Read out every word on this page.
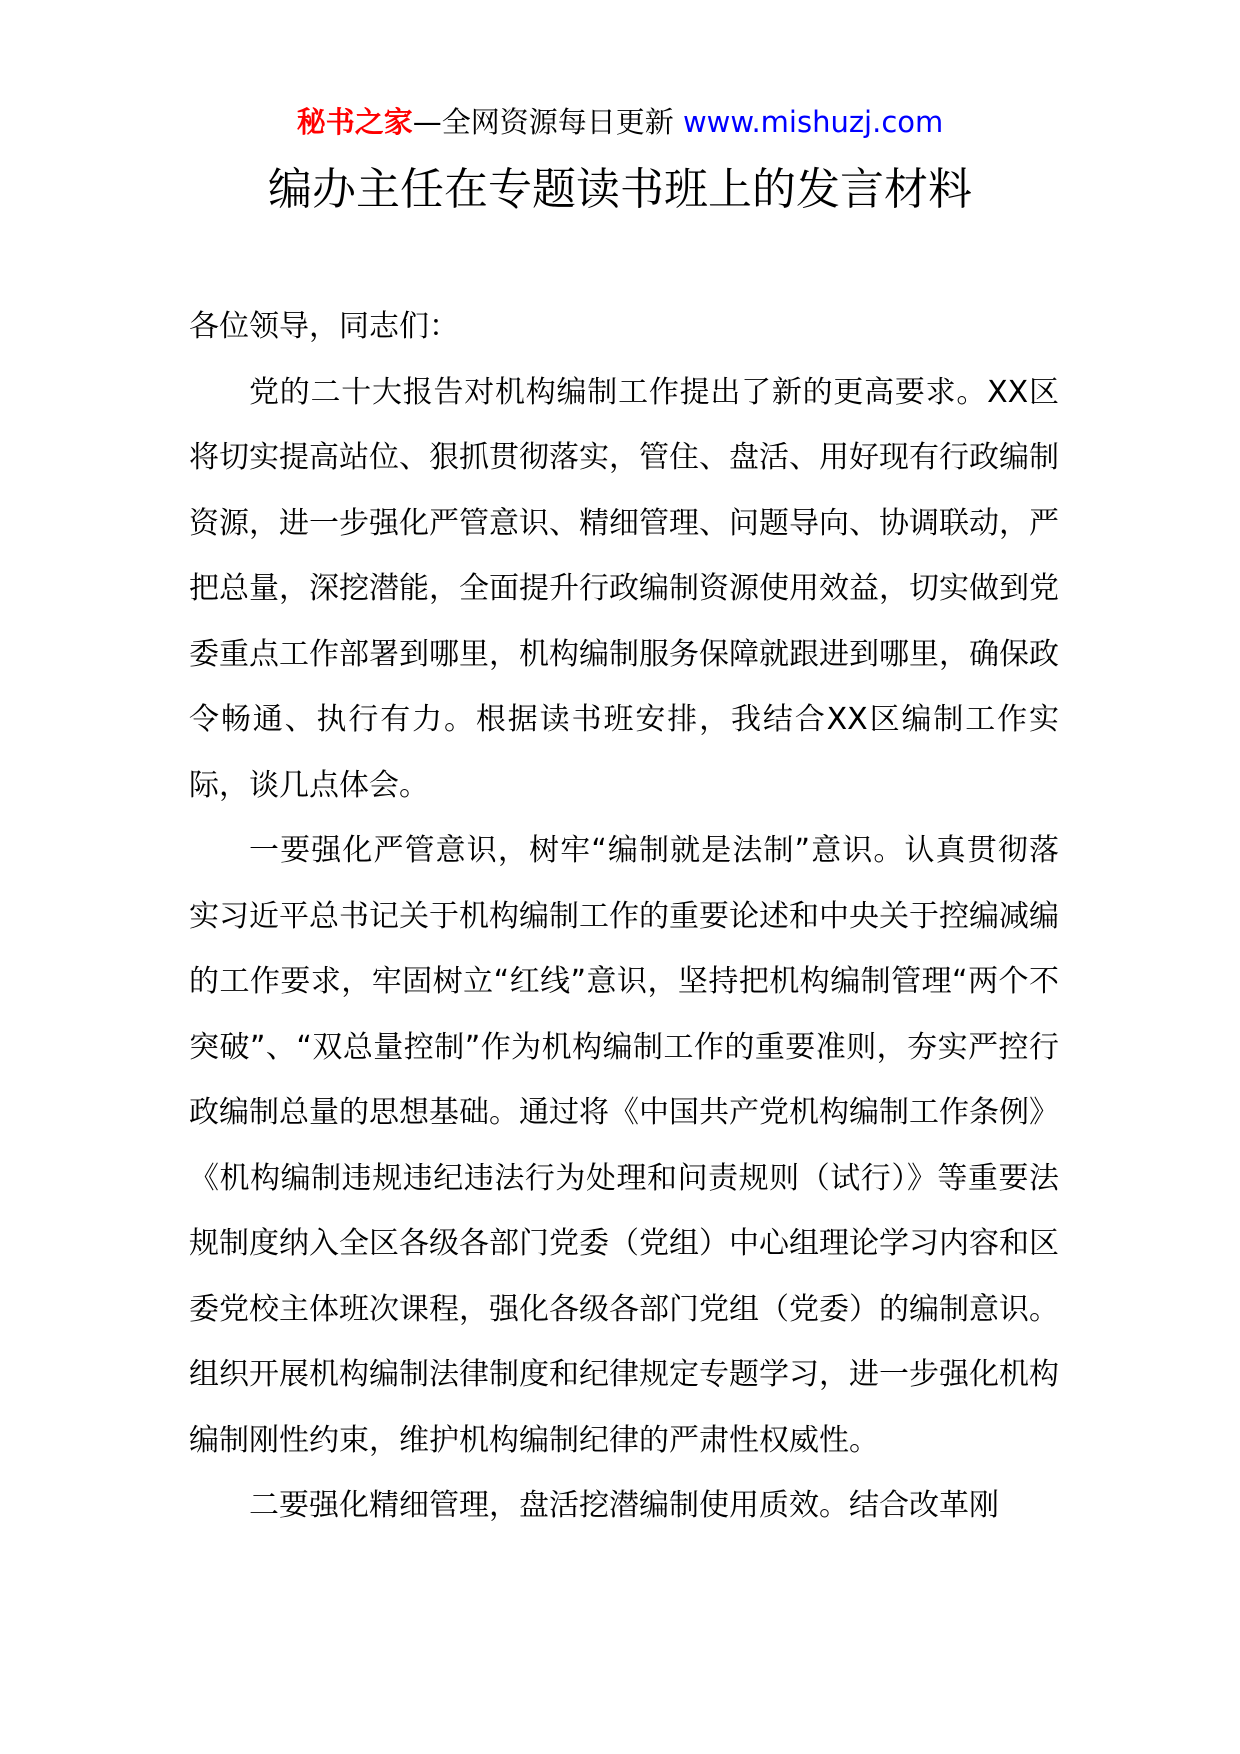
秘书之家—全网资源每日更新 www.mishuzj.com
编办主任在专题读书班上的发言材料

各位领导，同志们：

党的二十大报告对机构编制工作提出了新的更高要求。XX区将切实提高站位、狠抓贯彻落实，管住、盘活、用好现有行政编制资源，进一步强化严管意识、精细管理、问题导向、协调联动，严把总量，深挖潜能，全面提升行政编制资源使用效益，切实做到党委重点工作部署到哪里，机构编制服务保障就跟进到哪里，确保政令畅通、执行有力。根据读书班安排，我结合XX区编制工作实际，谈几点体会。

一要强化严管意识，树牢“编制就是法制”意识。认真贯彻落实习近平总书记关于机构编制工作的重要论述和中央关于控编减编的工作要求，牢固树立“红线”意识，坚持把机构编制管理“两个不突破”、“双总量控制”作为机构编制工作的重要准则，夯实严控行政编制总量的思想基础。通过将《中国共产党机构编制工作条例》《机构编制违规违纪违法行为处理和问责规则（试行）》等重要法规制度纳入全区各级各部门党委（党组）中心组理论学习内容和区委党校主体班次课程，强化各级各部门党组（党委）的编制意识。组织开展机构编制法律制度和纪律规定专题学习，进一步强化机构编制刚性约束，维护机构编制纪律的严肃性权威性。

二要强化精细管理，盘活挖潜编制使用质效。结合改革刚
